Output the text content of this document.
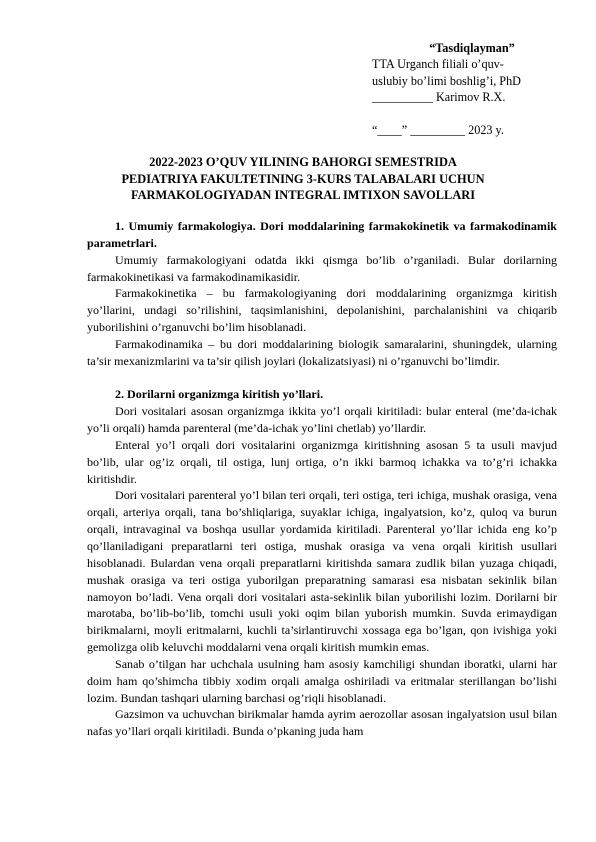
“Tasdiqlayman”
TTA Urganch filiali o’quv-
uslubiy bo’limi boshlig’i, PhD
__________ Karimov R.X.
“____” _________ 2023 y.
2022-2023 O’QUV YILINING BAHORGI SEMESTRIDA
PEDIATRIYA FAKULTETINING 3-KURS TALABALARI UCHUN
FARMAKOLOGIYADAN INTEGRAL IMTIXON SAVOLLARI

1. Umumiy farmakologiya. Dori moddalarining farmakokinetik va farmakodinamik parametrlari.

Umumiy farmakologiyani odatda ikki qismga bo’lib o’rganiladi. Bular dorilarning farmakokinetikasi va farmakodinamikasidir.

Farmakokinetika – bu farmakologiyaning dori moddalarining organizmga kiritish yo’llarini, undagi so’rilishini, taqsimlanishini, depolanishini, parchalanishini va chiqarib yuborilishini o’rganuvchi bo’lim hisoblanadi.

Farmakodinamika – bu dori moddalarining biologik samaralarini, shuningdek, ularning ta’sir mexanizmlarini va ta’sir qilish joylari (lokalizatsiyasi) ni o’rganuvchi bo’limdir.

2. Dorilarni organizmga kiritish yo’llari.

Dori vositalari asosan organizmga ikkita yo’l orqali kiritiladi: bular enteral (me’da-ichak yo’li orqali) hamda parenteral (me’da-ichak yo’lini chetlab) yo’llardir.

Enteral yo’l orqali dori vositalarini organizmga kiritishning asosan 5 ta usuli mavjud bo’lib, ular og’iz orqali, til ostiga, lunj ortiga, o’n ikki barmoq ichakka va to’g’ri ichakka kiritishdir.

Dori vositalari parenteral yo’l bilan teri orqali, teri ostiga, teri ichiga, mushak orasiga, vena orqali, arteriya orqali, tana bo’shliqlariga, suyaklar ichiga, ingalyatsion, ko’z, quloq va burun orqali, intravaginal va boshqa usullar yordamida kiritiladi. Parenteral yo’llar ichida eng ko’p qo’llaniladigani preparatlarni teri ostiga, mushak orasiga va vena orqali kiritish usullari hisoblanadi. Bulardan vena orqali preparatlarni kiritishda samara zudlik bilan yuzaga chiqadi, mushak orasiga va teri ostiga yuborilgan preparatning samarasi esa nisbatan sekinlik bilan namoyon bo’ladi. Vena orqali dori vositalari asta-sekinlik bilan yuborilishi lozim. Dorilarni bir marotaba, bo’lib-bo’lib, tomchi usuli yoki oqim bilan yuborish mumkin. Suvda erimaydigan birikmalarni, moyli eritmalarni, kuchli ta’sirlantiruvchi xossaga ega bo’lgan, qon ivishiga yoki gemolizga olib keluvchi moddalarni vena orqali kiritish mumkin emas.

Sanab o’tilgan har uchchala usulning ham asosiy kamchiligi shundan iboratki, ularni har doim ham qo’shimcha tibbiy xodim orqali amalga oshiriladi va eritmalar sterillangan bo’lishi lozim. Bundan tashqari ularning barchasi og’riqli hisoblanadi.

Gazsimon va uchuvchan birikmalar hamda ayrim aerozollar asosan ingalyatsion usul bilan nafas yo’llari orqali kiritiladi. Bunda o’pkaning juda ham
